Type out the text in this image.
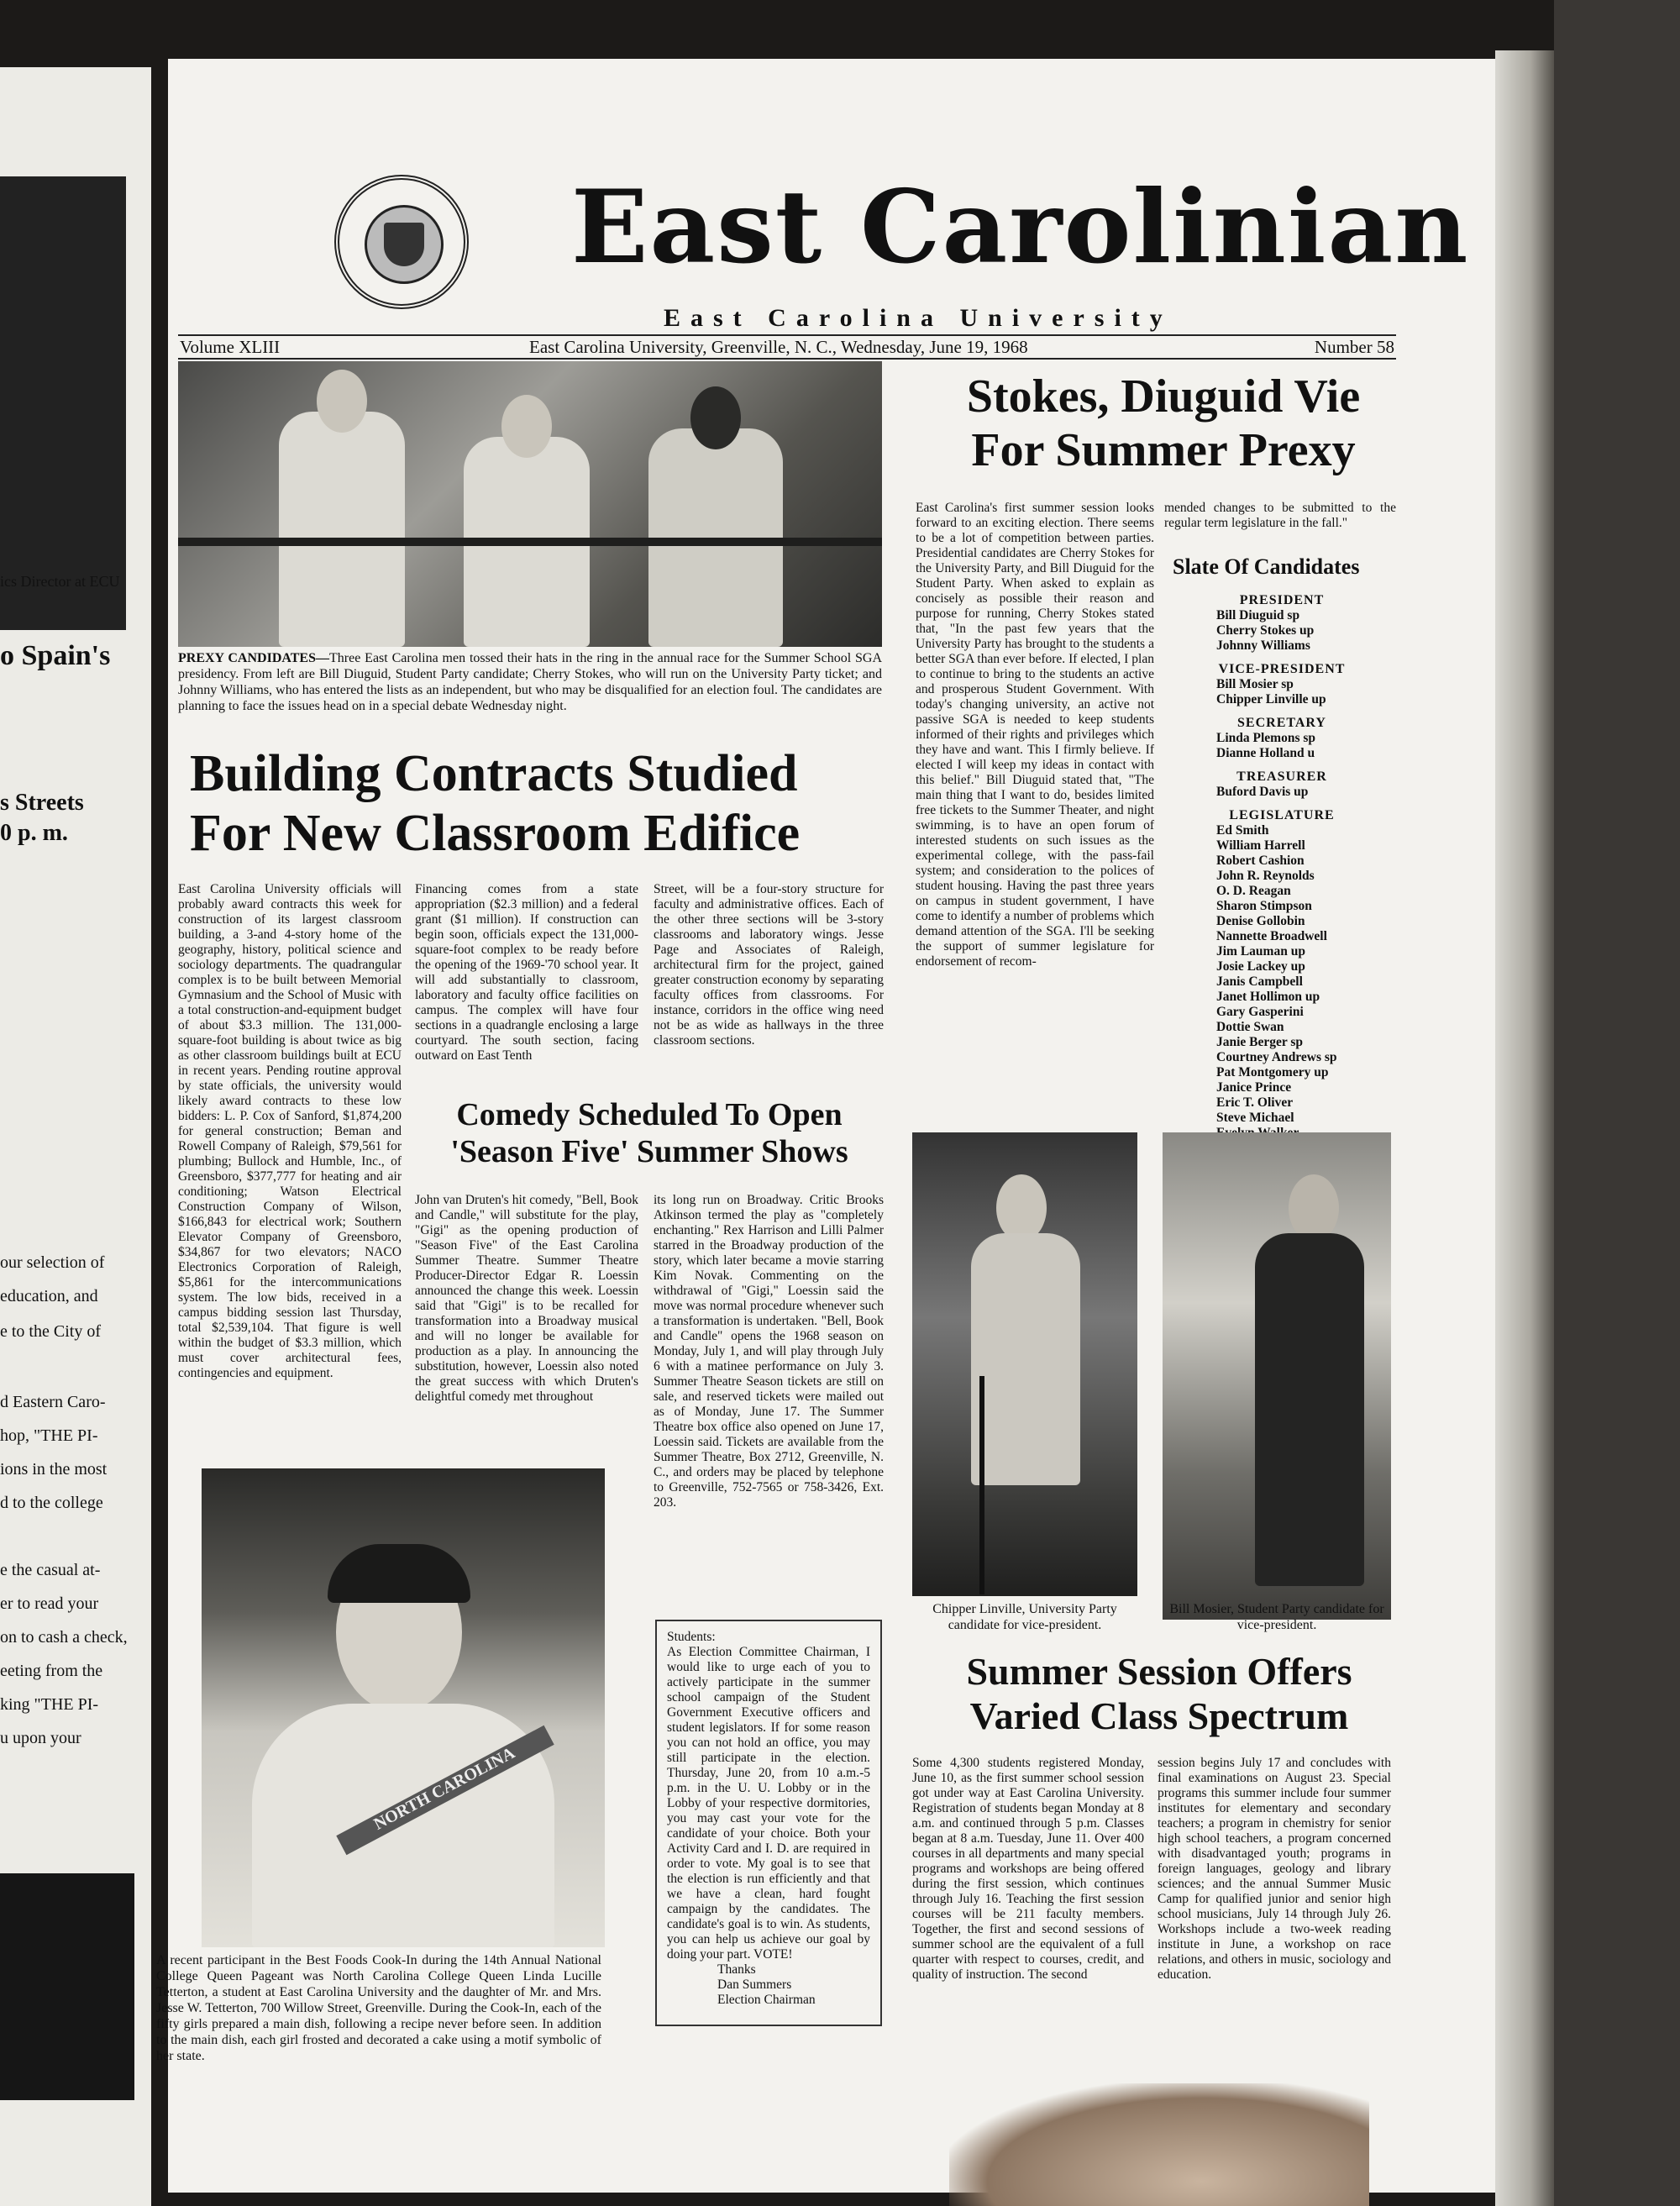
ics Director at ECU
o Spain's
s Streets
0 p. m.
our selection of
education, and
e to the City of
d Eastern Caro-
hop, "THE PI-
ions in the most
d to the college
e the casual at-
er to read your
on to cash a check,
eeting from the
king "THE PI-
u upon your
East Carolinian
East Carolina University
Volume XLIII	East Carolina University, Greenville, N. C., Wednesday, June 19, 1968	Number 58
PREXY CANDIDATES—Three East Carolina men tossed their hats in the ring in the annual race for the Summer School SGA presidency. From left are Bill Diuguid, Student Party candidate; Cherry Stokes, who will run on the University Party ticket; and Johnny Williams, who has entered the lists as an independent, but who may be disqualified for an election foul. The candidates are planning to face the issues head on in a special debate Wednesday night.
Stokes, Diuguid Vie
For Summer Prexy
East Carolina's first summer session looks forward to an exciting election. There seems to be a lot of competition between parties. Presidential candidates are Cherry Stokes for the University Party, and Bill Diuguid for the Student Party. When asked to explain as concisely as possible their reason and purpose for running, Cherry Stokes stated that, "In the past few years that the University Party has brought to the students a better SGA than ever before. If elected, I plan to continue to bring to the students an active and prosperous Student Government. With today's changing university, an active not passive SGA is needed to keep students informed of their rights and privileges which they have and want. This I firmly believe. If elected I will keep my ideas in contact with this belief." Bill Diuguid stated that, "The main thing that I want to do, besides limited free tickets to the Summer Theater, and night swimming, is to have an open forum of interested students on such issues as the experimental college, with the pass-fail system; and consideration to the polices of student housing. Having the past three years on campus in student government, I have come to identify a number of problems which demand attention of the SGA. I'll be seeking the support of summer legislature for endorsement of recom-
mended changes to be submitted to the regular term legislature in the fall."
Slate Of Candidates
PRESIDENT
Bill Diuguid sp
Cherry Stokes up
Johnny Williams
VICE-PRESIDENT
Bill Mosier sp
Chipper Linville up
SECRETARY
Linda Plemons sp
Dianne Holland u
TREASURER
Buford Davis up
LEGISLATURE
Ed Smith
William Harrell
Robert Cashion
John R. Reynolds
O. D. Reagan
Sharon Stimpson
Denise Gollobin
Nannette Broadwell
Jim Lauman up
Josie Lackey up
Janis Campbell
Janet Hollimon up
Gary Gasperini
Dottie Swan
Janie Berger sp
Courtney Andrews sp
Pat Montgomery up
Janice Prince
Eric T. Oliver
Steve Michael
Building Contracts Studied
For New Classroom Edifice
East Carolina University officials will probably award contracts this week for construction of its largest classroom building, a 3-and 4-story home of the geography, history, political science and sociology departments. The quadrangular complex is to be built between Memorial Gymnasium and the School of Music with a total construction-and-equipment budget of about $3.3 million. The 131,000-square-foot building is about twice as big as other classroom buildings built at ECU in recent years. Pending routine approval by state officials, the university would likely award contracts to these low bidders: L. P. Cox of Sanford, $1,874,200 for general construction; Beman and Rowell Company of Raleigh, $79,561 for plumbing; Bullock and Humble, Inc., of Greensboro, $377,777 for heating and air conditioning; Watson Electrical Construction Company of Wilson, $166,843 for electrical work; Southern Elevator Company of Greensboro, $34,867 for two elevators; NACO Electronics Corporation of Raleigh, $5,861 for the intercommunications system. The low bids, received in a campus bidding session last Thursday, total $2,539,104. That figure is well within the budget of $3.3 million, which must cover architectural fees, contingencies and equipment.
Financing comes from a state appropriation ($2.3 million) and a federal grant ($1 million). If construction can begin soon, officials expect the 131,000-square-foot complex to be ready before the opening of the 1969-'70 school year. It will add substantially to classroom, laboratory and faculty office facilities on campus. The complex will have four sections in a quadrangle enclosing a large courtyard. The south section, facing outward on East Tenth
Street, will be a four-story structure for faculty and administrative offices. Each of the other three sections will be 3-story classrooms and laboratory wings. Jesse Page and Associates of Raleigh, architectural firm for the project, gained greater construction economy by separating faculty offices from classrooms. For instance, corridors in the office wing need not be as wide as hallways in the three classroom sections.
Comedy Scheduled To Open
'Season Five' Summer Shows
John van Druten's hit comedy, "Bell, Book and Candle," will substitute for the play, "Gigi" as the opening production of "Season Five" of the East Carolina Summer Theatre. Summer Theatre Producer-Director Edgar R. Loessin announced the change this week. Loessin said that "Gigi" is to be recalled for transformation into a Broadway musical and will no longer be available for production as a play. In announcing the substitution, however, Loessin also noted the great success with which Druten's delightful comedy met throughout
its long run on Broadway. Critic Brooks Atkinson termed the play as "completely enchanting." Rex Harrison and Lilli Palmer starred in the Broadway production of the story, which later became a movie starring Kim Novak. Commenting on the withdrawal of "Gigi," Loessin said the move was normal procedure whenever such a transformation is undertaken. "Bell, Book and Candle" opens the 1968 season on Monday, July 1, and will play through July 6 with a matinee performance on July 3. Summer Theatre Season tickets are still on sale, and reserved tickets were mailed out as of Monday, June 17. The Summer Theatre box office also opened on June 17, Loessin said. Tickets are available from the Summer Theatre, Box 2712, Greenville, N. C., and orders may be placed by telephone to Greenville, 752-7565 or 758-3426, Ext. 203.
NORTH CAROLINA
A recent participant in the Best Foods Cook-In during the 14th Annual National College Queen Pageant was North Carolina College Queen Linda Lucille Tetterton, a student at East Carolina University and the daughter of Mr. and Mrs. Jesse W. Tetterton, 700 Willow Street, Greenville. During the Cook-In, each of the fifty girls prepared a main dish, following a recipe never before seen. In addition to the main dish, each girl frosted and decorated a cake using a motif symbolic of her state.
Students:
As Election Committee Chairman, I would like to urge each of you to actively participate in the summer school campaign of the Student Government Executive officers and student legislators. If for some reason you can not hold an office, you may still participate in the election. Thursday, June 20, from 10 a.m.-5 p.m. in the U. U. Lobby or in the Lobby of your respective dormitories, you may cast your vote for the candidate of your choice. Both your Activity Card and I. D. are required in order to vote. My goal is to see that the election is run efficiently and that we have a clean, hard fought campaign by the candidates. The candidate's goal is to win. As students, you can help us achieve our goal by doing your part. VOTE!
Thanks
Dan Summers
Election Chairman
Chipper Linville, University Party candidate for vice-president.
Bill Mosier, Student Party candidate for vice-president.
Summer Session Offers
Varied Class Spectrum
Some 4,300 students registered Monday, June 10, as the first summer school session got under way at East Carolina University. Registration of students began Monday at 8 a.m. and continued through 5 p.m. Classes began at 8 a.m. Tuesday, June 11. Over 400 courses in all departments and many special programs and workshops are being offered during the first session, which continues through July 16. Teaching the first session courses will be 211 faculty members. Together, the first and second sessions of summer school are the equivalent of a full quarter with respect to courses, credit, and quality of instruction. The second
session begins July 17 and concludes with final examinations on August 23. Special programs this summer include four summer institutes for elementary and secondary teachers; a program in chemistry for senior high school teachers, a program concerned with disadvantaged youth; programs in foreign languages, geology and library sciences; and the annual Summer Music Camp for qualified junior and senior high school musicians, July 14 through July 26. Workshops include a two-week reading institute in June, a workshop on race relations, and others in music, sociology and education.
